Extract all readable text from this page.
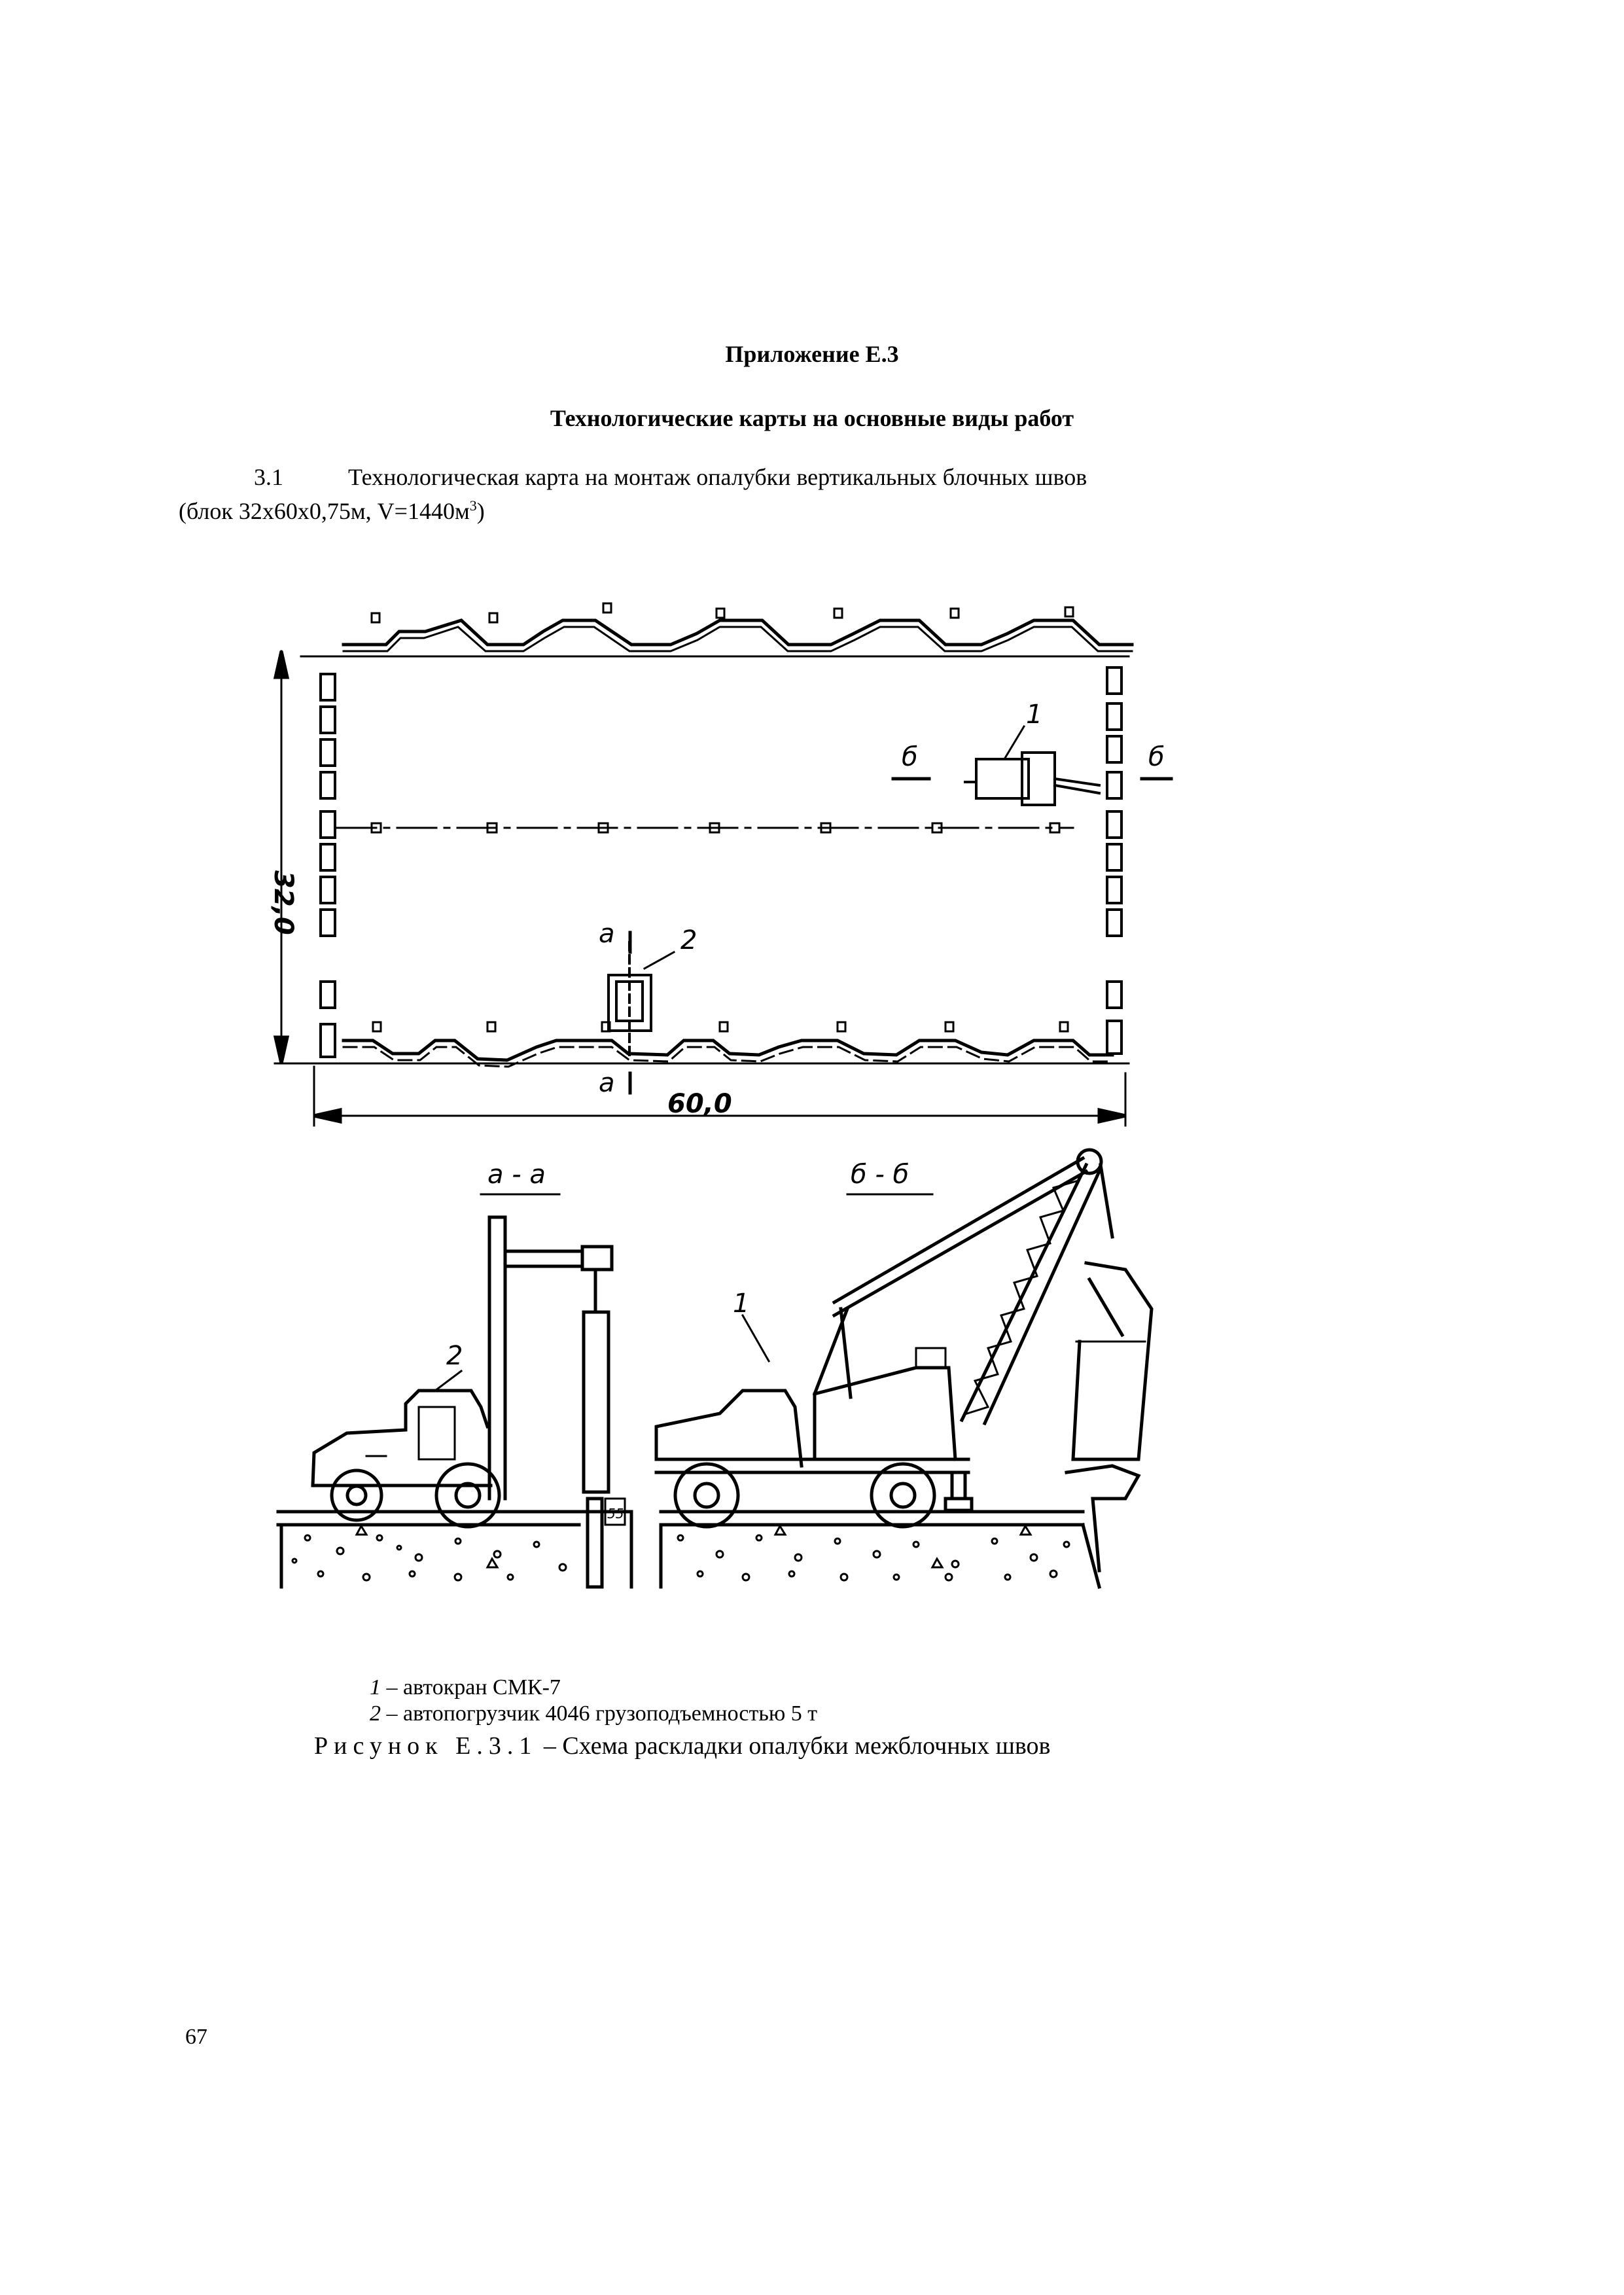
Приложение Е.3
Технологические карты на основные виды работ
3.1	Технологическая карта на монтаж опалубки вертикальных блочных швов
(блок 32х60х0,75м, $V=1440м^3$)
60,0
32,0
1
2
б	б
а
а
а - а	б - б
2
1
55
1 – автокран СМК-7
2 – автопогрузчик 4046 грузоподъемностью 5 т
Рисунок Е.3.1 – Схема раскладки опалубки межблочных швов
67
